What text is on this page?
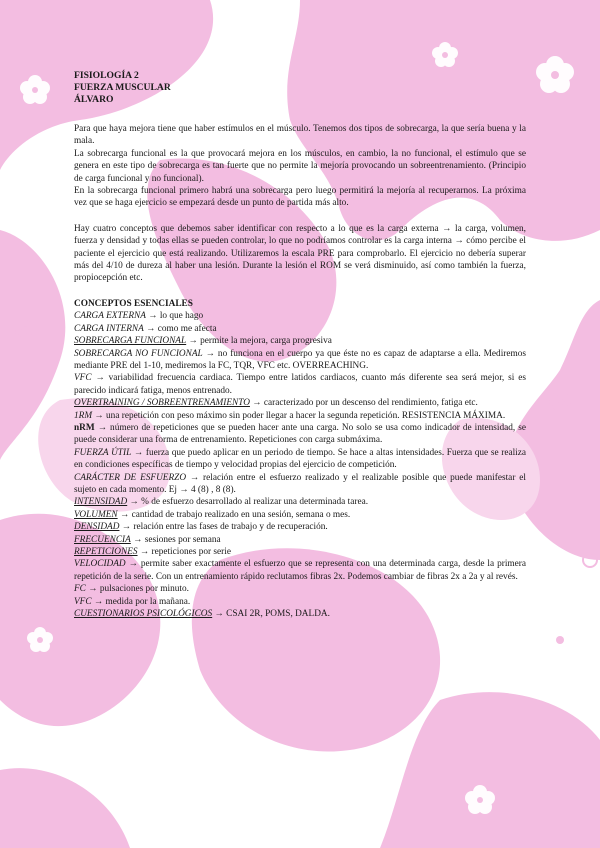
FISIOLOGÍA 2
FUERZA MUSCULAR
ÁLVARO

Para que haya mejora tiene que haber estímulos en el músculo. Tenemos dos tipos de sobrecarga, la que sería buena y la mala.

La sobrecarga funcional es la que provocará mejora en los músculos, en cambio, la no funcional, el estímulo que se genera en este tipo de sobrecarga es tan fuerte que no permite la mejoría provocando un sobreentrenamiento. (Principio de carga funcional y no funcional).

En la sobrecarga funcional primero habrá una sobrecarga pero luego permitirá la mejoría al recuperarnos. La próxima vez que se haga ejercicio se empezará desde un punto de partida más alto.

Hay cuatro conceptos que debemos saber identificar con respecto a lo que es la carga externa → la carga, volumen, fuerza y densidad y todas ellas se pueden controlar, lo que no podríamos controlar es la carga interna → cómo percibe el paciente el ejercicio que está realizando. Utilizaremos la escala PRE para comprobarlo. El ejercicio no debería superar más del 4/10 de dureza al haber una lesión. Durante la lesión el ROM se verá disminuido, así como también la fuerza, propiocepción etc.

CONCEPTOS ESENCIALES

CARGA EXTERNA → lo que hago

CARGA INTERNA → como me afecta

SOBRECARGA FUNCIONAL → permite la mejora, carga progresiva

SOBRECARGA NO FUNCIONAL → no funciona en el cuerpo ya que éste no es capaz de adaptarse a ella. Mediremos mediante PRE del 1-10, mediremos la FC, TQR, VFC etc. OVERREACHING.

VFC → variabilidad frecuencia cardiaca. Tiempo entre latidos cardiacos, cuanto más diferente sea será mejor, si es parecido indicará fatiga, menos entrenado.

OVERTRAINING / SOBREENTRENAMIENTO → caracterizado por un descenso del rendimiento, fatiga etc.

1RM → una repetición con peso máximo sin poder llegar a hacer la segunda repetición. RESISTENCIA MÁXIMA.

nRM → número de repeticiones que se pueden hacer ante una carga. No solo se usa como indicador de intensidad, se puede considerar una forma de entrenamiento. Repeticiones con carga submáxima.

FUERZA ÚTIL → fuerza que puedo aplicar en un periodo de tiempo. Se hace a altas intensidades. Fuerza que se realiza en condiciones específicas de tiempo y velocidad propias del ejercicio de competición.

CARÁCTER DE ESFUERZO → relación entre el esfuerzo realizado y el realizable posible que puede manifestar el sujeto en cada momento. Ej → 4 (8) , 8 (8).

INTENSIDAD → % de esfuerzo desarrollado al realizar una determinada tarea.

VOLUMEN → cantidad de trabajo realizado en una sesión, semana o mes.

DENSIDAD → relación entre las fases de trabajo y de recuperación.

FRECUENCIA → sesiones por semana

REPETICIONES → repeticiones por serie

VELOCIDAD → permite saber exactamente el esfuerzo que se representa con una determinada carga, desde la primera repetición de la serie. Con un entrenamiento rápido reclutamos fibras 2x. Podemos cambiar de fibras 2x a 2a y al revés.

FC → pulsaciones por minuto.

VFC → medida por la mañana.

CUESTIONARIOS PSICOLÓGICOS → CSAI 2R, POMS, DALDA.
